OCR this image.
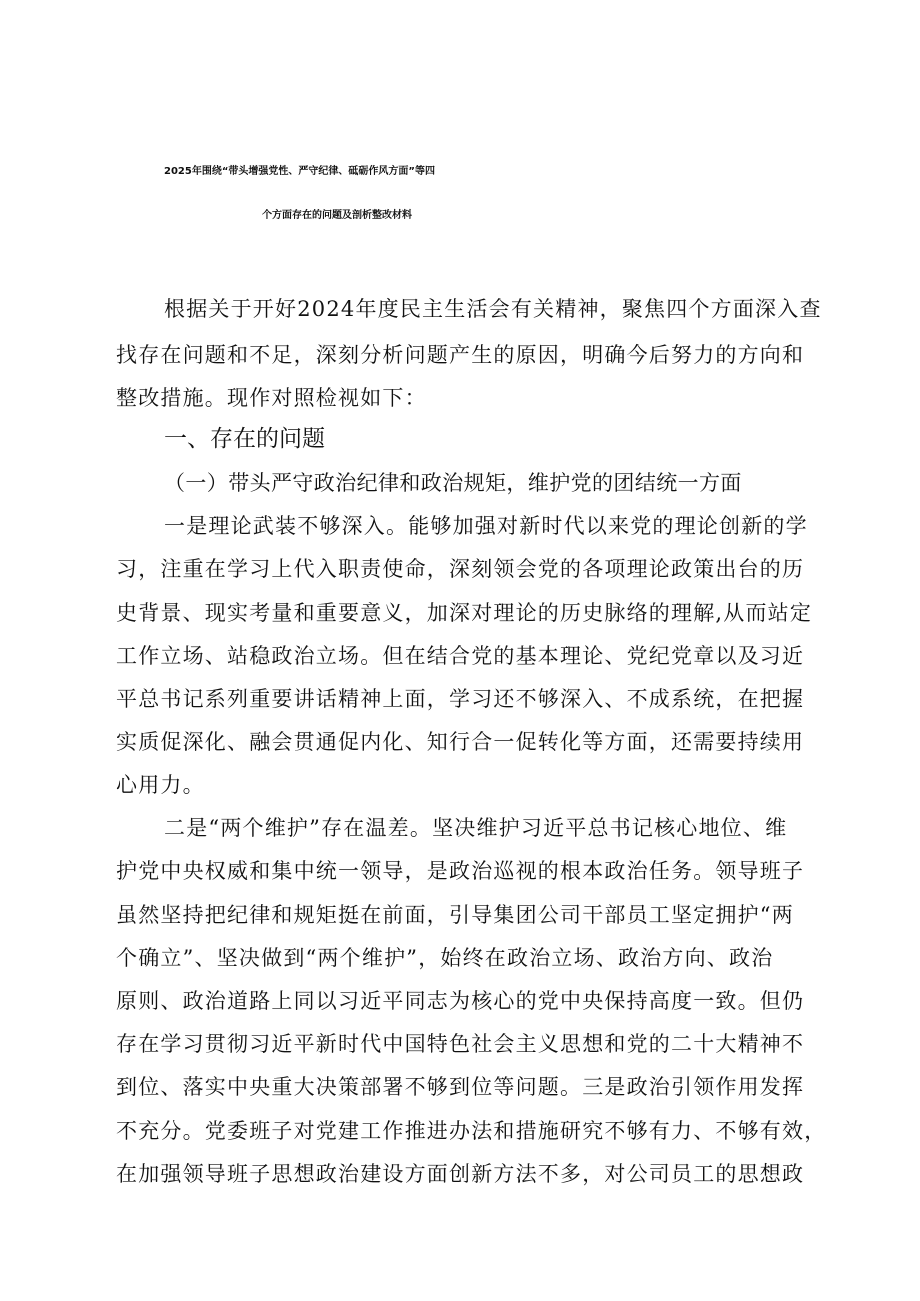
2025年围绕“带头增强党性、严守纪律、砥砺作风方面”等四
个方面存在的问题及剖析整改材料
根据关于开好2024年度民主生活会有关精神，聚焦四个方面深入查
找存在问题和不足，深刻分析问题产生的原因，明确今后努力的方向和
整改措施。现作对照检视如下：
一、存在的问题
（一）带头严守政治纪律和政治规矩，维护党的团结统一方面
一是理论武装不够深入。能够加强对新时代以来党的理论创新的学
习，注重在学习上代入职责使命，深刻领会党的各项理论政策出台的历
史背景、现实考量和重要意义，加深对理论的历史脉络的理解,从而站定
工作立场、站稳政治立场。但在结合党的基本理论、党纪党章以及习近
平总书记系列重要讲话精神上面，学习还不够深入、不成系统，在把握
实质促深化、融会贯通促内化、知行合一促转化等方面，还需要持续用
心用力。
二是“两个维护”存在温差。坚决维护习近平总书记核心地位、维
护党中央权威和集中统一领导，是政治巡视的根本政治任务。领导班子
虽然坚持把纪律和规矩挺在前面，引导集团公司干部员工坚定拥护“两
个确立”、坚决做到“两个维护”，始终在政治立场、政治方向、政治
原则、政治道路上同以习近平同志为核心的党中央保持高度一致。但仍
存在学习贯彻习近平新时代中国特色社会主义思想和党的二十大精神不
到位、落实中央重大决策部署不够到位等问题。三是政治引领作用发挥
不充分。党委班子对党建工作推进办法和措施研究不够有力、不够有效，
在加强领导班子思想政治建设方面创新方法不多，对公司员工的思想政
